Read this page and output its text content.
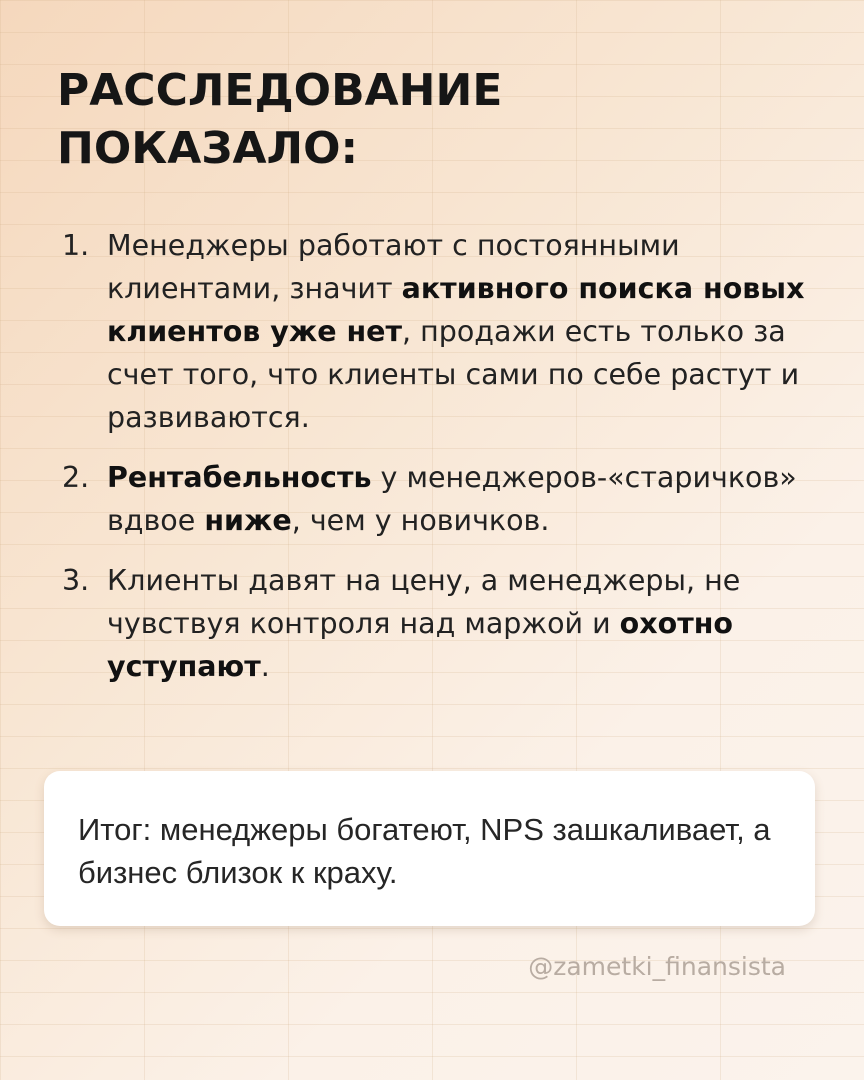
РАССЛЕДОВАНИЕ
ПОКАЗАЛО:
1. Менеджеры работают с постоянными клиентами, значит активного поиска новых клиентов уже нет, продажи есть только за счет того, что клиенты сами по себе растут и развиваются.
2. Рентабельность у менеджеров-«старичков» вдвое ниже, чем у новичков.
3. Клиенты давят на цену, а менеджеры, не чувствуя контроля над маржой и охотно уступают.
Итог: менеджеры богатеют, NPS зашкаливает, а бизнес близок к краху.
@zametki_finansista
